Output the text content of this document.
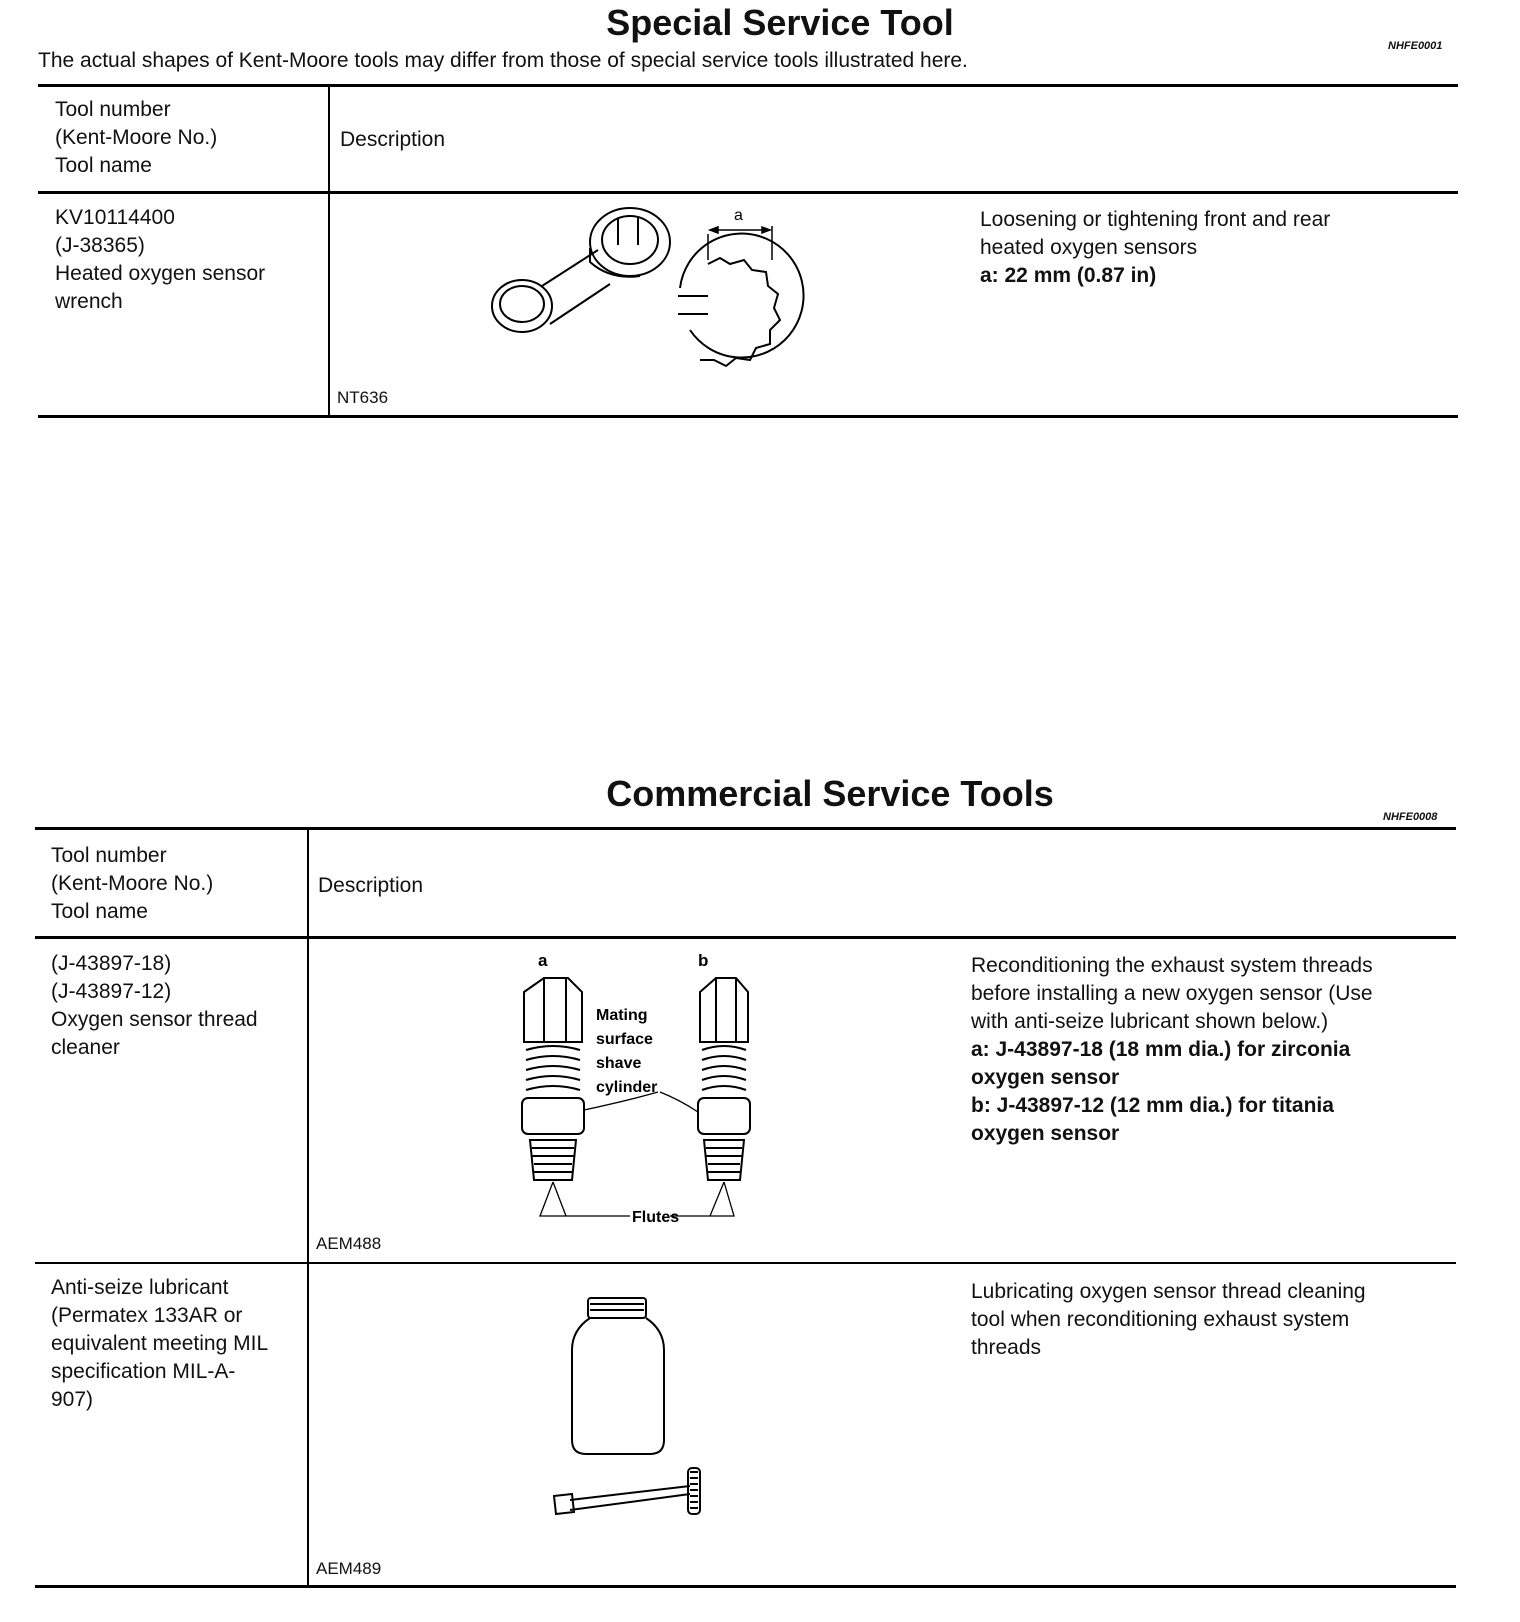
Special Service Tool
NHFE0001
The actual shapes of Kent-Moore tools may differ from those of special service tools illustrated here.
Tool number
(Kent-Moore No.)
Tool name
Description
KV10114400
(J-38365)
Heated oxygen sensor
wrench
a
NT636
Loosening or tightening front and rear
heated oxygen sensors
a: 22 mm (0.87 in)
Commercial Service Tools
NHFE0008
Tool number
(Kent-Moore No.)
Tool name
Description
(J-43897-18)
(J-43897-12)
Oxygen sensor thread
cleaner
a	b
Mating
surface
shave
cylinder
Flutes
AEM488
Reconditioning the exhaust system threads
before installing a new oxygen sensor (Use
with anti-seize lubricant shown below.)
a: J-43897-18 (18 mm dia.) for zirconia
oxygen sensor
b: J-43897-12 (12 mm dia.) for titania
oxygen sensor
Anti-seize lubricant
(Permatex 133AR or
equivalent meeting MIL
specification MIL-A-
907)
AEM489
Lubricating oxygen sensor thread cleaning
tool when reconditioning exhaust system
threads
